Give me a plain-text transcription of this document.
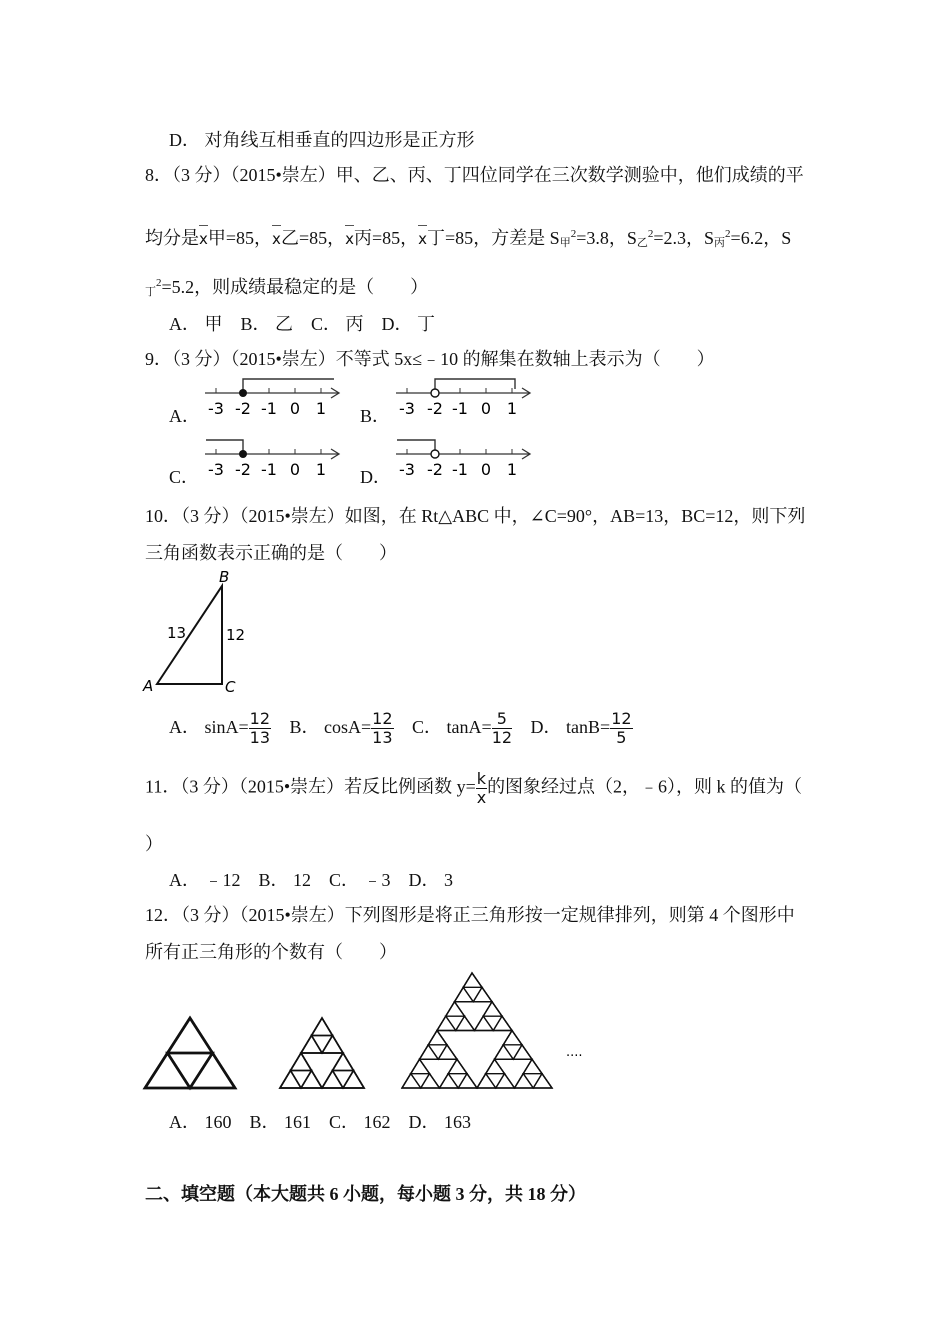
D． 对角线互相垂直的四边形是正方形
8．（3 分）（2015•崇左）甲、乙、丙、丁四位同学在三次数学测验中，他们成绩的平
均分是x甲=85，x乙=85，x丙=85，x丁=85，方差是 S甲$^2$=3.8，S乙$^2$=2.3，S丙$^2$=6.2，S
丁$^2$=5.2，则成绩最稳定的是（　　）
A． 甲 B． 乙 C． 丙 D． 丁
9．（3 分）（2015•崇左）不等式 5x≤﹣10 的解集在数轴上表示为（　　）
A．	B．
C．	D．
-3 -2 -1 0 1	-3 -2 -1 0 1
-3 -2 -1 0 1	-3 -2 -1 0 1
10．（3 分）（2015•崇左）如图，在 Rt△ABC 中，∠C=90°，AB=13，BC=12，则下列
三角函数表示正确的是（　　）
B
A	C
13	12
A． $\sin A= \frac{12}{13}$ B． $\cos A= \frac{12}{13}$ C． $\tan A= \frac{5}{12}$ D． $\tan B= \frac{12}{5}$
11．（3 分）（2015•崇左）若反比例函数 $y= \frac{k}{x}$ 的图象经过点（2，﹣6），则 k 的值为（
）
A． ﹣12 B． 12 C． ﹣3 D． 3
12．（3 分）（2015•崇左）下列图形是将正三角形按一定规律排列，则第 4 个图形中
所有正三角形的个数有（　　）
....
A． 160 B． 161 C． 162 D． 163
二、填空题（本大题共 6 小题，每小题 3 分，共 18 分）
